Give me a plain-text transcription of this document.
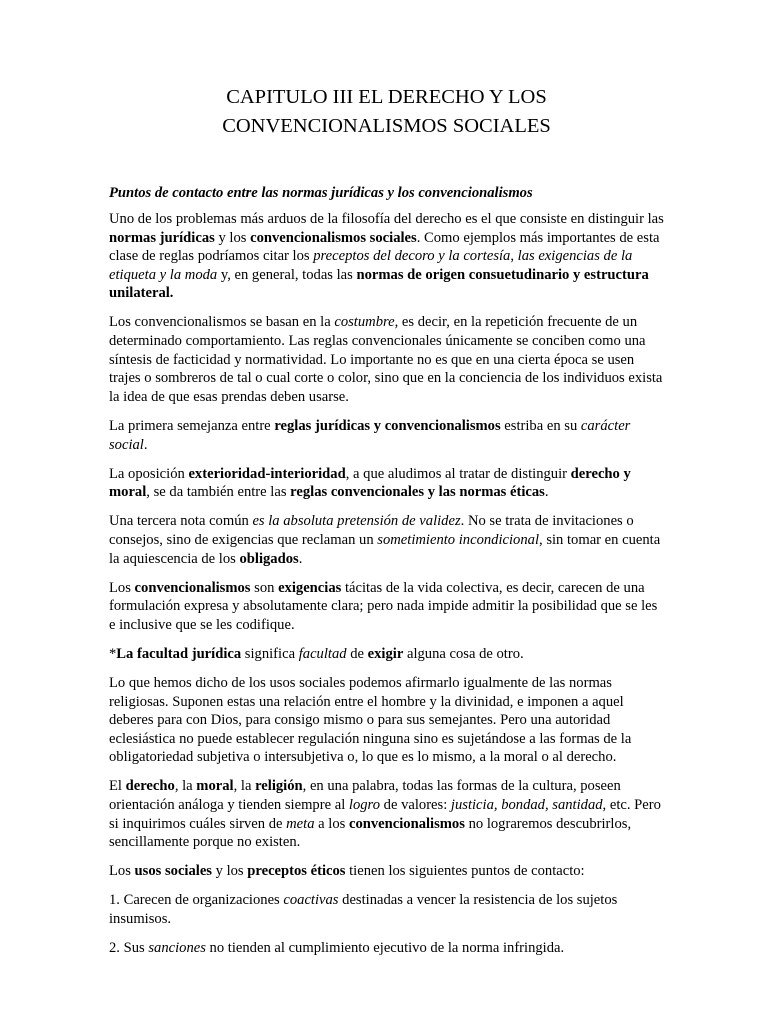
CAPITULO III EL DERECHO Y LOS
CONVENCIONALISMOS SOCIALES
Puntos de contacto entre las normas jurídicas y los convencionalismos

Uno de los problemas más arduos de la filosofía del derecho es el que consiste en distinguir las normas jurídicas y los convencionalismos sociales. Como ejemplos más importantes de esta clase de reglas podríamos citar los preceptos del decoro y la cortesía, las exigencias de la etiqueta y la moda y, en general, todas las normas de origen consuetudinario y estructura unilateral.

Los convencionalismos se basan en la costumbre, es decir, en la repetición frecuente de un determinado comportamiento. Las reglas convencionales únicamente se conciben como una síntesis de facticidad y normatividad. Lo importante no es que en una cierta época se usen trajes o sombreros de tal o cual corte o color, sino que en la conciencia de los individuos exista la idea de que esas prendas deben usarse.

La primera semejanza entre reglas jurídicas y convencionalismos estriba en su carácter social.

La oposición exterioridad-interioridad, a que aludimos al tratar de distinguir derecho y moral, se da también entre las reglas convencionales y las normas éticas.

Una tercera nota común es la absoluta pretensión de validez. No se trata de invitaciones o consejos, sino de exigencias que reclaman un sometimiento incondicional, sin tomar en cuenta la aquiescencia de los obligados.

Los convencionalismos son exigencias tácitas de la vida colectiva, es decir, carecen de una formulación expresa y absolutamente clara; pero nada impide admitir la posibilidad que se les e inclusive que se les codifique.

*La facultad jurídica significa facultad de exigir alguna cosa de otro.

Lo que hemos dicho de los usos sociales podemos afirmarlo igualmente de las normas religiosas. Suponen estas una relación entre el hombre y la divinidad, e imponen a aquel deberes para con Dios, para consigo mismo o para sus semejantes. Pero una autoridad eclesiástica no puede establecer regulación ninguna sino es sujetándose a las formas de la obligatoriedad subjetiva o intersubjetiva o, lo que es lo mismo, a la moral o al derecho.

El derecho, la moral, la religión, en una palabra, todas las formas de la cultura, poseen orientación análoga y tienden siempre al logro de valores: justicia, bondad, santidad, etc. Pero si inquirimos cuáles sirven de meta a los convencionalismos no lograremos descubrirlos, sencillamente porque no existen.

Los usos sociales y los preceptos éticos tienen los siguientes puntos de contacto:

1. Carecen de organizaciones coactivas destinadas a vencer la resistencia de los sujetos insumisos.

2. Sus sanciones no tienden al cumplimiento ejecutivo de la norma infringida.
